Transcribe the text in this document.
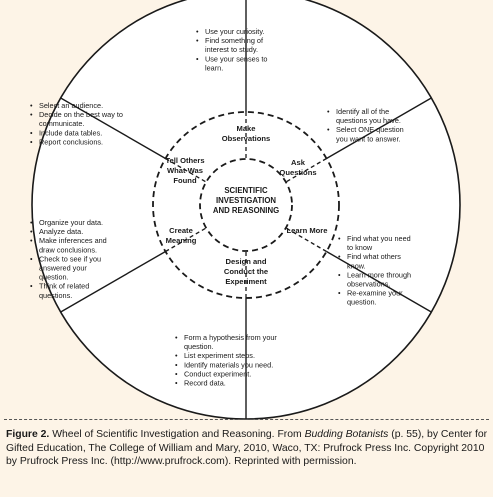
SCIENTIFIC
INVESTIGATION
AND REASONING
Make
Observations
Ask
Questions
Learn More
Design and
Conduct the
Experiment
Create
Meaning
Tell Others
What Was
Found
• Use your curiosity.
• Find something of
interest to study.
• Use your senses to
learn.
• Identify all of the
questions you have.
• Select ONE question
you want to answer.
• Find what you need
to know
• Find what others
know.
• Learn more through
observations.
• Re-examine your
question.
• Form a hypothesis from your
question.
• List experiment steps.
• Identify materials you need.
• Conduct experiment.
• Record data.
• Organize your data.
• Analyze data.
• Make inferences and
draw conclusions.
• Check to see if you
answered your
question.
• Think of related
questions.
• Select an audience.
• Decide on the best way to
communicate.
• Include data tables.
• Report conclusions.

Figure 2. Wheel of Scientific Investigation and Reasoning. From Budding Botanists (p. 55), by Center for Gifted Education, The College of William and Mary, 2010, Waco, TX: Prufrock Press Inc. Copyright 2010 by Prufrock Press Inc. (http://www.prufrock.com). Reprinted with permission.
